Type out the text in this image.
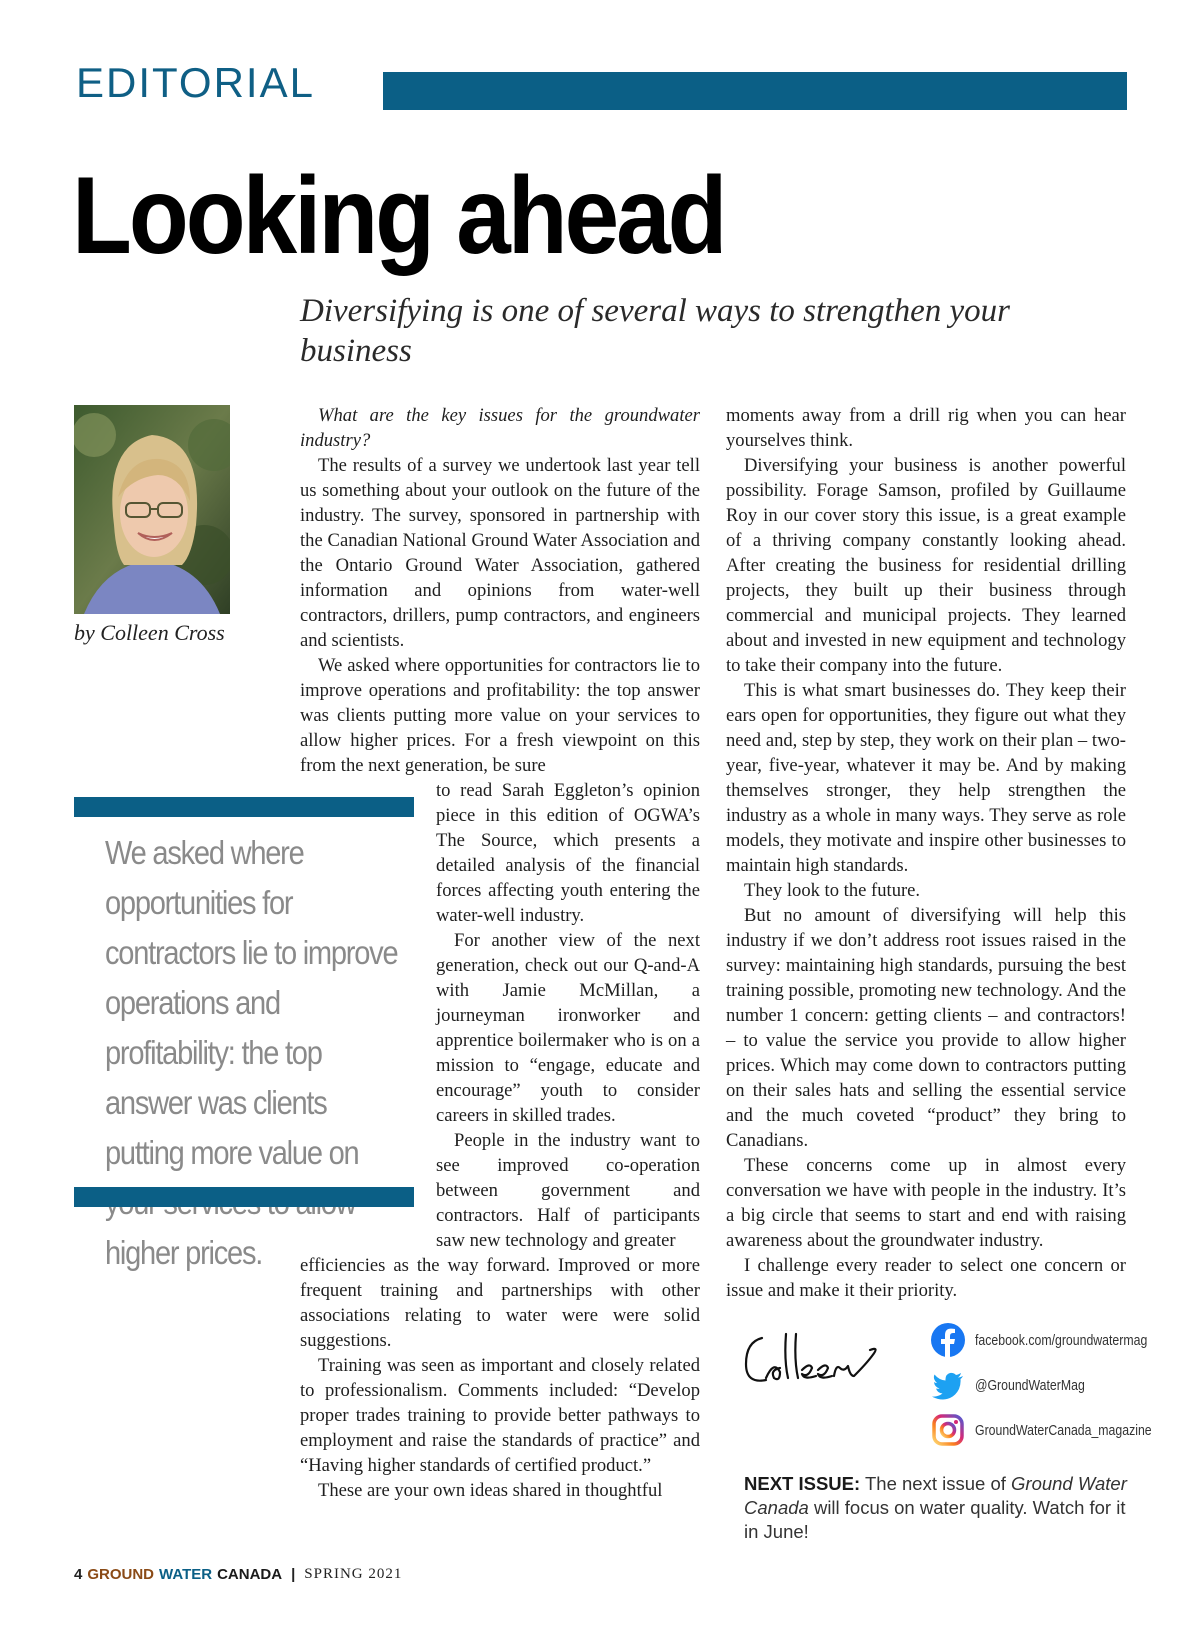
EDITORIAL
Looking ahead
Diversifying is one of several ways to strengthen your business
by Colleen Cross
We asked where opportunities for contractors lie to improve operations and profitability: the top answer was clients putting more value on higher prices.

What are the key issues for the groundwater industry?

The results of a survey we undertook last year tell us something about your outlook on the future of the industry. The survey, sponsored in partnership with the Canadian National Ground Water Association and the Ontario Ground Water Association, gathered information and opinions from water-well contractors, drillers, pump contractors, and engineers and scientists.

We asked where opportunities for contractors lie to improve operations and profitability: the top answer was clients putting more value on your services to allow higher prices. For a fresh viewpoint on this from the next generation, be sure

to read Sarah Eggleton’s opinion piece in this edition of OGWA’s The Source, which presents a detailed analysis of the financial forces affecting youth entering the water-well industry.

For another view of the next generation, check out our Q-and-A with Jamie McMillan, a journeyman ironworker and apprentice boilermaker who is on a mission to “engage, educate and encourage” youth to consider careers in skilled trades.

People in the industry want to see improved co-operation between government and contractors. Half of participants saw new technology and greater

efficiencies as the way forward. Improved or more frequent training and partnerships with other associations relating to water were were solid suggestions.

Training was seen as important and closely related to professionalism. Comments included: “Develop proper trades training to provide better pathways to employment and raise the standards of practice” and “Having higher standards of certified product.”

These are your own ideas shared in thoughtful

moments away from a drill rig when you can hear yourselves think.

Diversifying your business is another powerful possibility. Forage Samson, profiled by Guillaume Roy in our cover story this issue, is a great example of a thriving company constantly looking ahead. After creating the business for residential drilling projects, they built up their business through commercial and municipal projects. They learned about and invested in new equipment and technology to take their company into the future.

This is what smart businesses do. They keep their ears open for opportunities, they figure out what they need and, step by step, they work on their plan – two-year, five-year, whatever it may be. And by making themselves stronger, they help strengthen the industry as a whole in many ways. They serve as role models, they motivate and inspire other businesses to maintain high standards.

They look to the future.

But no amount of diversifying will help this industry if we don’t address root issues raised in the survey: maintaining high standards, pursuing the best training possible, promoting new technology. And the number 1 concern: getting clients – and contractors! – to value the service you provide to allow higher prices. Which may come down to contractors putting on their sales hats and selling the essential service and the much coveted “product” they bring to Canadians.

These concerns come up in almost every conversation we have with people in the industry. It’s a big circle that seems to start and end with raising awareness about the groundwater industry.

I challenge every reader to select one concern or issue and make it their priority.

facebook.com/groundwatermag
@GroundWaterMag
GroundWaterCanada_magazine
NEXT ISSUE: The next issue of Ground Water Canada will focus on water quality. Watch for it in June!
4 GROUND WATER CANADA | SPRING 2021
